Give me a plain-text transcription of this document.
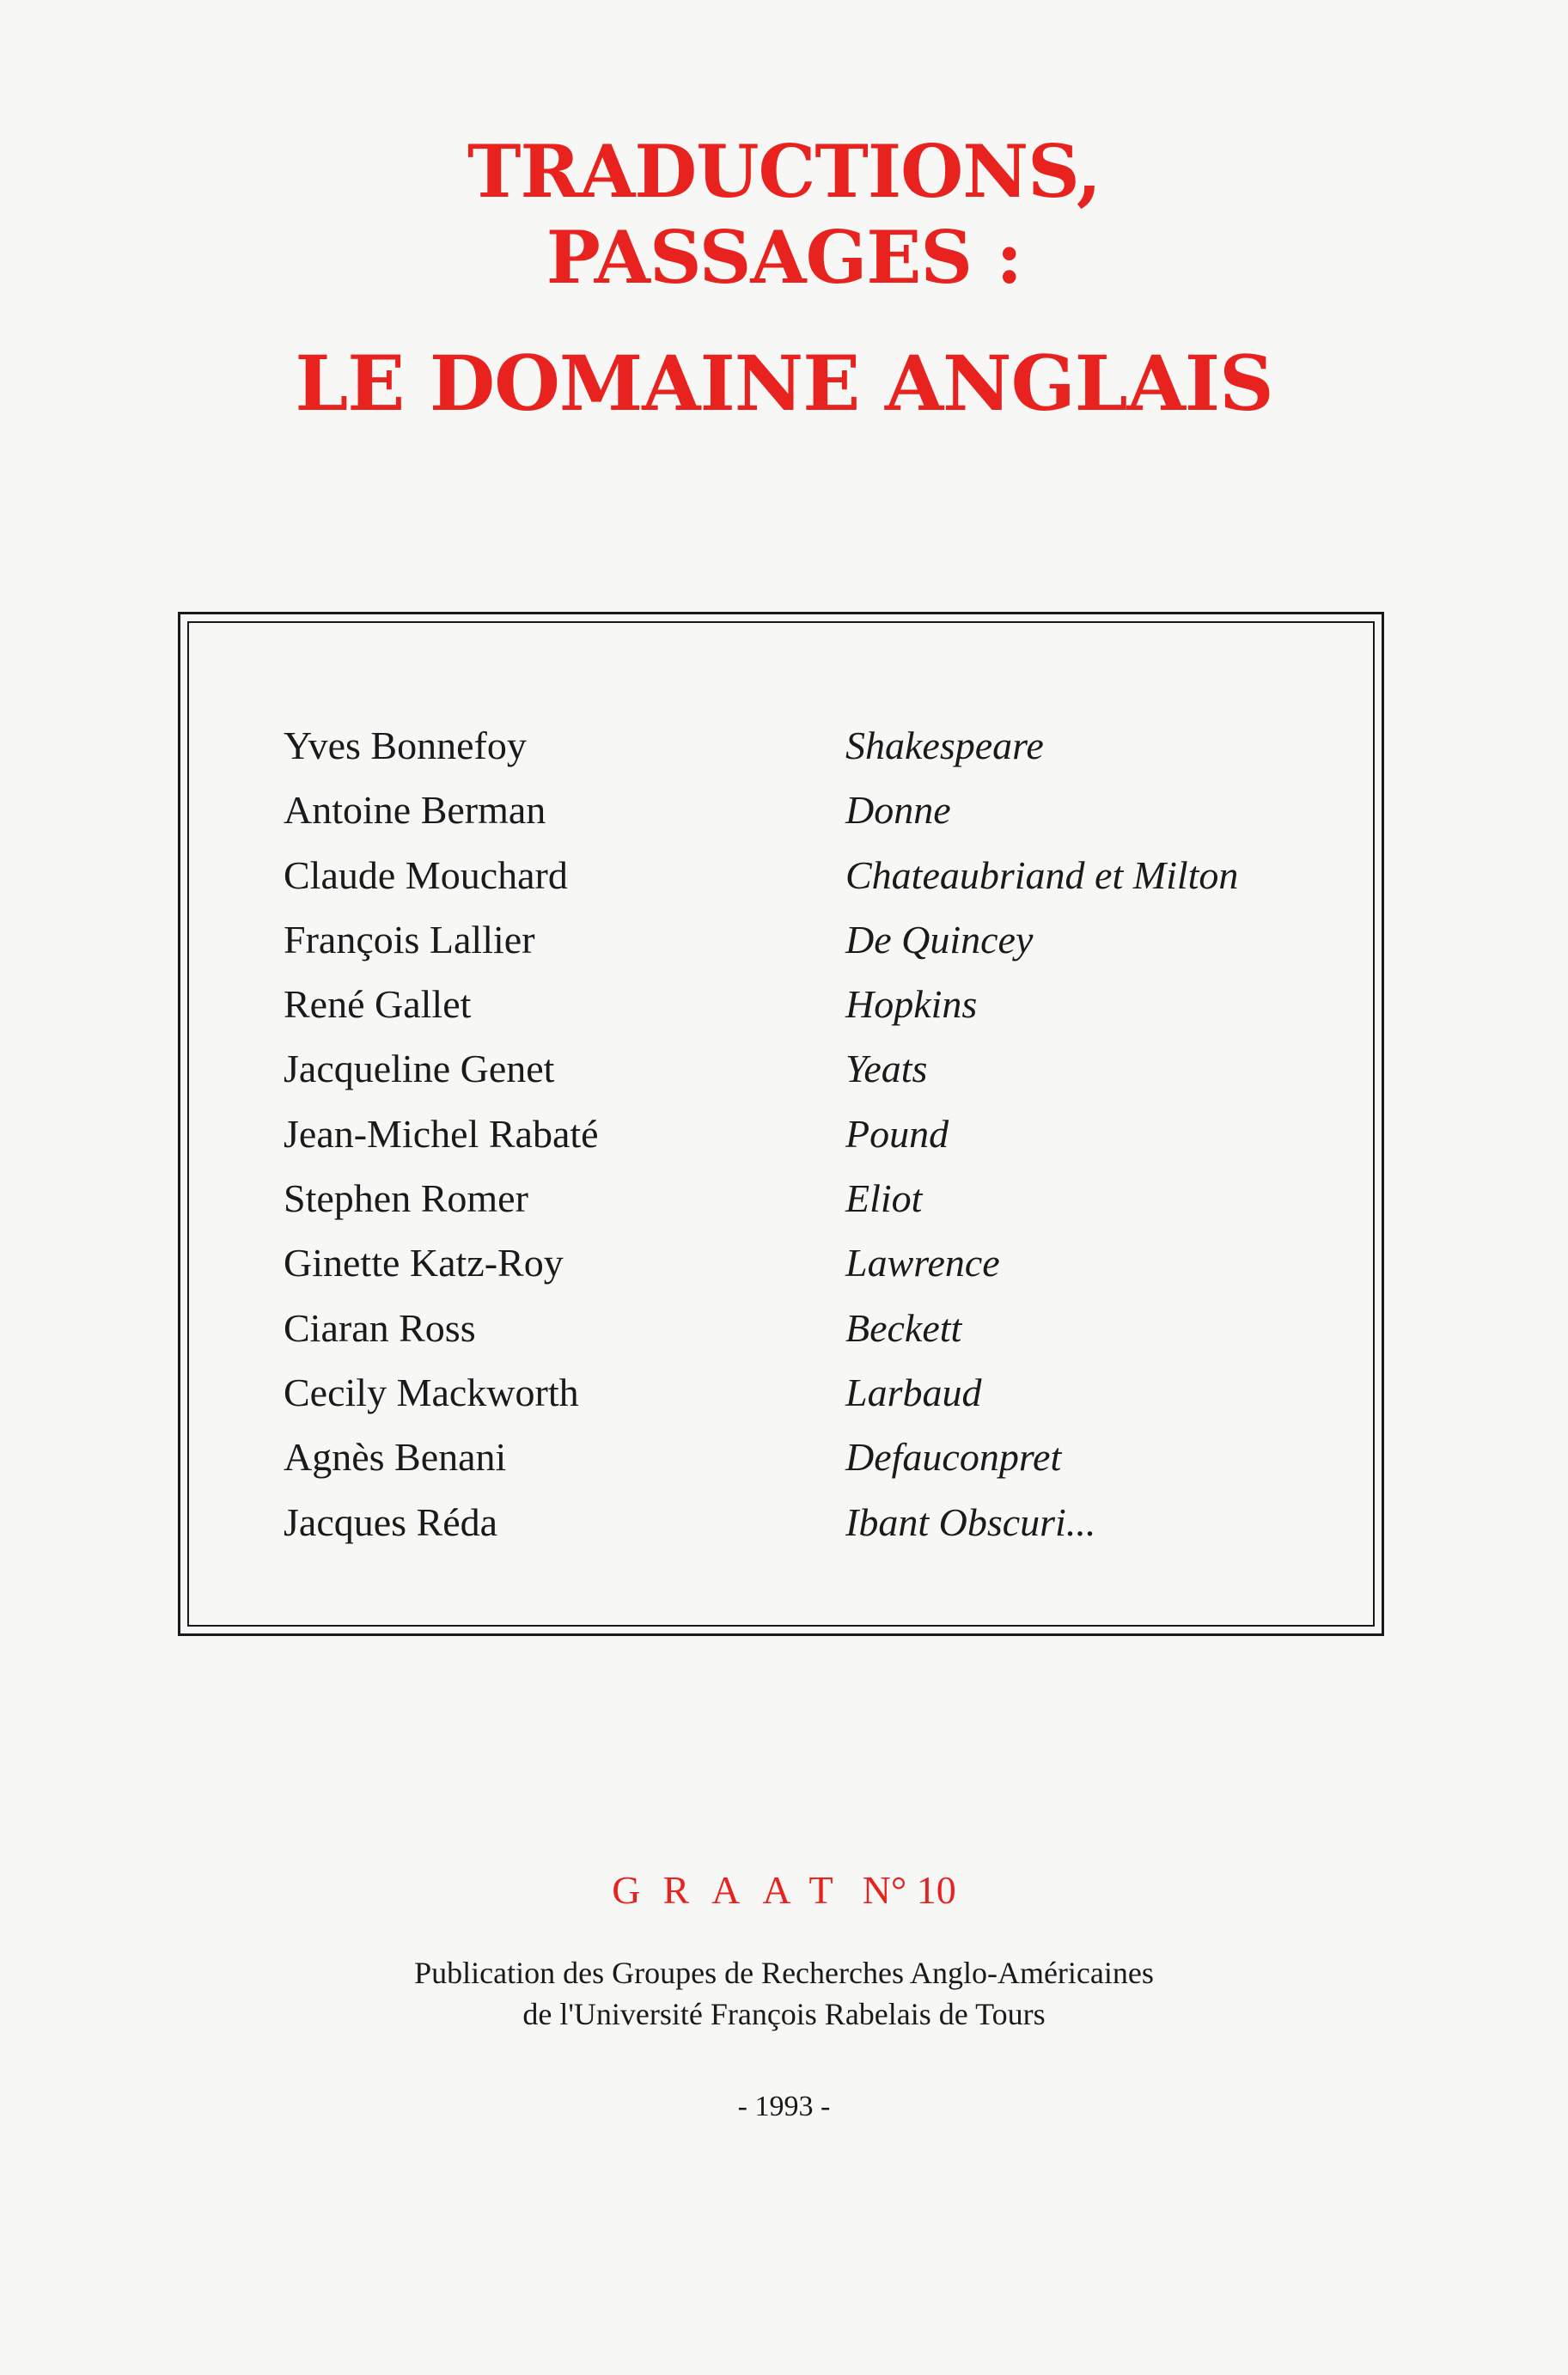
TRADUCTIONS,
PASSAGES :
LE DOMAINE ANGLAIS
Yves Bonnefoy	Shakespeare
Antoine Berman	Donne
Claude Mouchard	Chateaubriand et Milton
François Lallier	De Quincey
René Gallet	Hopkins
Jacqueline Genet	Yeats
Jean-Michel Rabaté	Pound
Stephen Romer	Eliot
Ginette Katz-Roy	Lawrence
Ciaran Ross	Beckett
Cecily Mackworth	Larbaud
Agnès Benani	Defauconpret
Jacques Réda	Ibant Obscuri...
GRAAT N° 10
Publication des Groupes de Recherches Anglo-Américaines
de l'Université François Rabelais de Tours
- 1993 -
